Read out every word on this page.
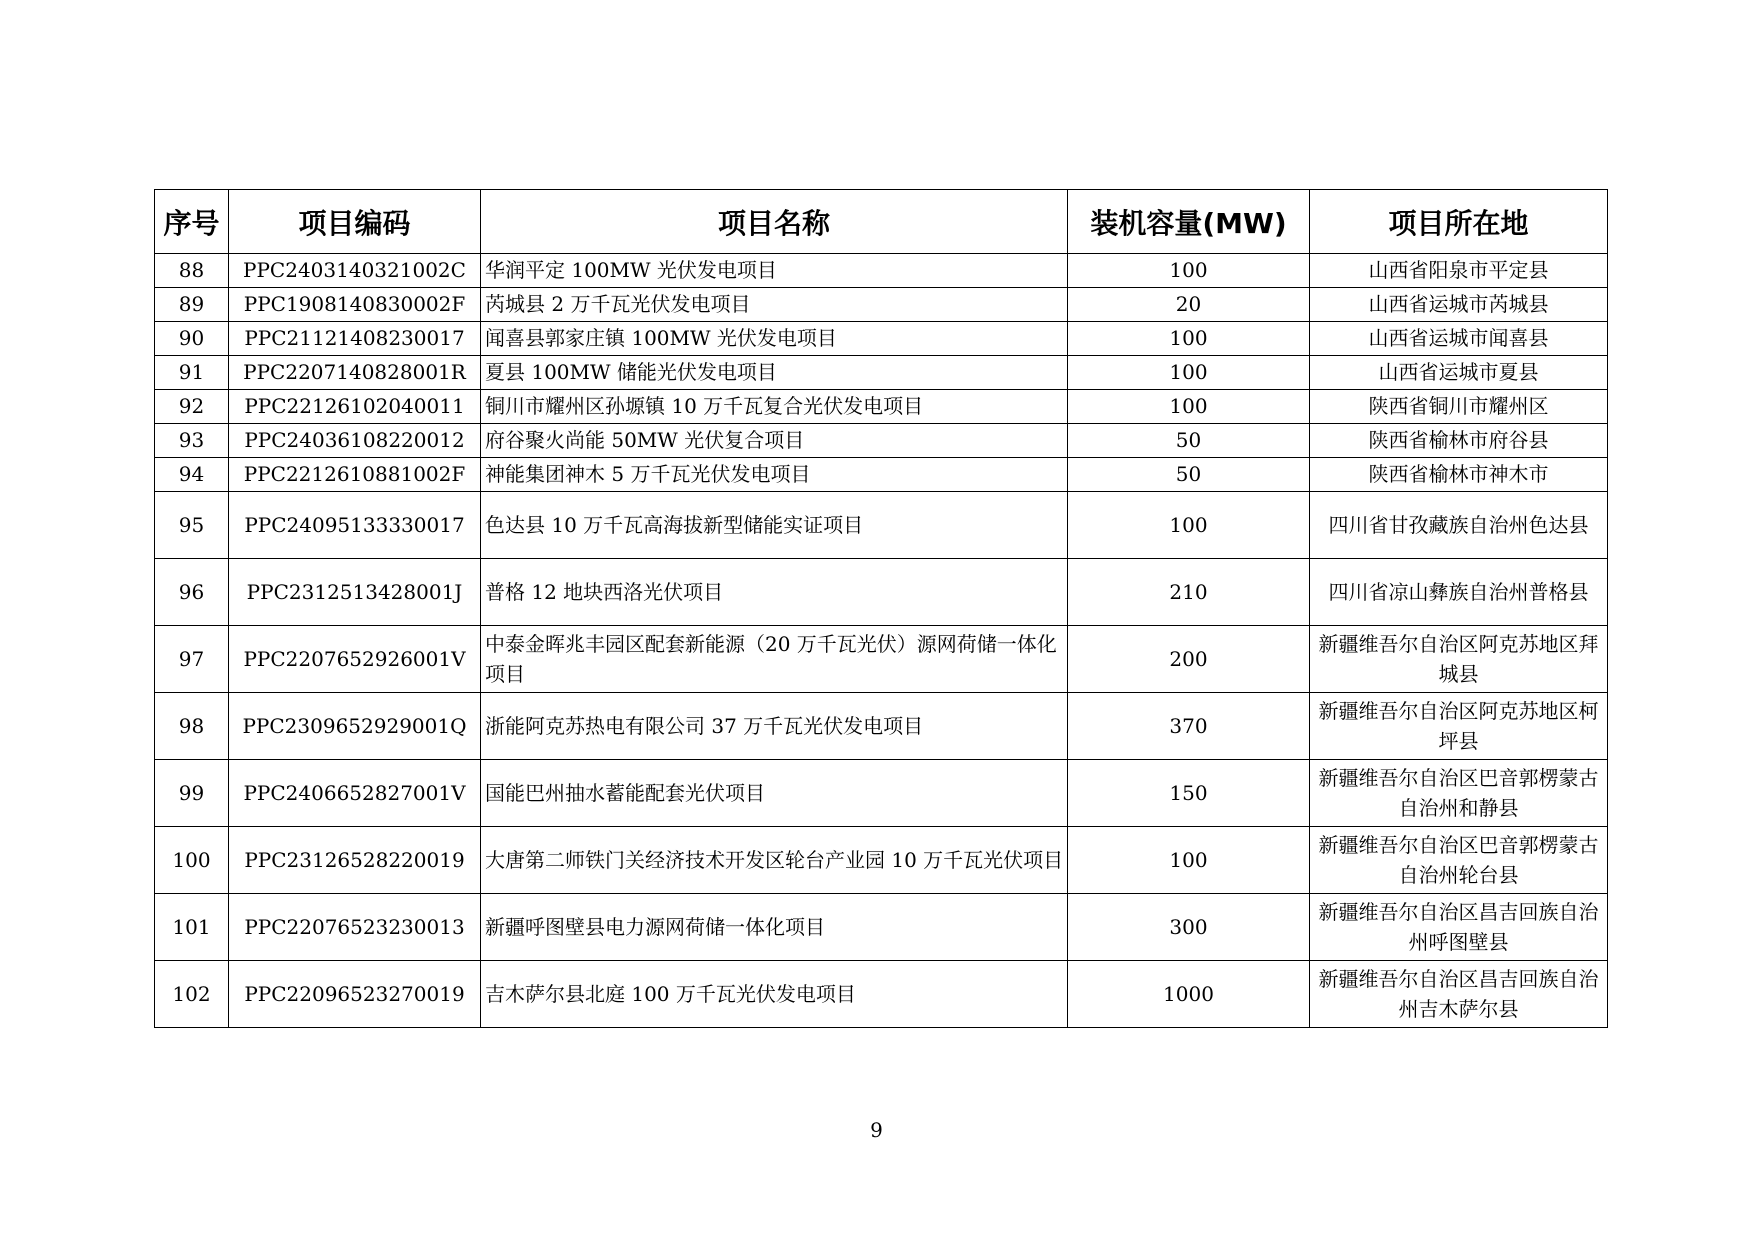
序号	项目编码	项目名称	装机容量(MW)	项目所在地
88	PPC2403140321002C	华润平定 100MW 光伏发电项目	100	山西省阳泉市平定县
89	PPC1908140830002F	芮城县 2 万千瓦光伏发电项目	20	山西省运城市芮城县
90	PPC21121408230017	闻喜县郭家庄镇 100MW 光伏发电项目	100	山西省运城市闻喜县
91	PPC2207140828001R	夏县 100MW 储能光伏发电项目	100	山西省运城市夏县
92	PPC22126102040011	铜川市耀州区孙塬镇 10 万千瓦复合光伏发电项目	100	陕西省铜川市耀州区
93	PPC24036108220012	府谷聚火尚能 50MW 光伏复合项目	50	陕西省榆林市府谷县
94	PPC2212610881002F	神能集团神木 5 万千瓦光伏发电项目	50	陕西省榆林市神木市
95	PPC24095133330017	色达县 10 万千瓦高海拔新型储能实证项目	100	四川省甘孜藏族自治州色达县
96	PPC2312513428001J	普格 12 地块西洛光伏项目	210	四川省凉山彝族自治州普格县
97	PPC2207652926001V	中泰金晖兆丰园区配套新能源（20 万千瓦光伏）源网荷储一体化项目	200	新疆维吾尔自治区阿克苏地区拜城县
98	PPC2309652929001Q	浙能阿克苏热电有限公司 37 万千瓦光伏发电项目	370	新疆维吾尔自治区阿克苏地区柯坪县
99	PPC2406652827001V	国能巴州抽水蓄能配套光伏项目	150	新疆维吾尔自治区巴音郭楞蒙古自治州和静县
100	PPC23126528220019	大唐第二师铁门关经济技术开发区轮台产业园 10 万千瓦光伏项目	100	新疆维吾尔自治区巴音郭楞蒙古自治州轮台县
101	PPC22076523230013	新疆呼图壁县电力源网荷储一体化项目	300	新疆维吾尔自治区昌吉回族自治州呼图壁县
102	PPC22096523270019	吉木萨尔县北庭 100 万千瓦光伏发电项目	1000	新疆维吾尔自治区昌吉回族自治州吉木萨尔县
9
